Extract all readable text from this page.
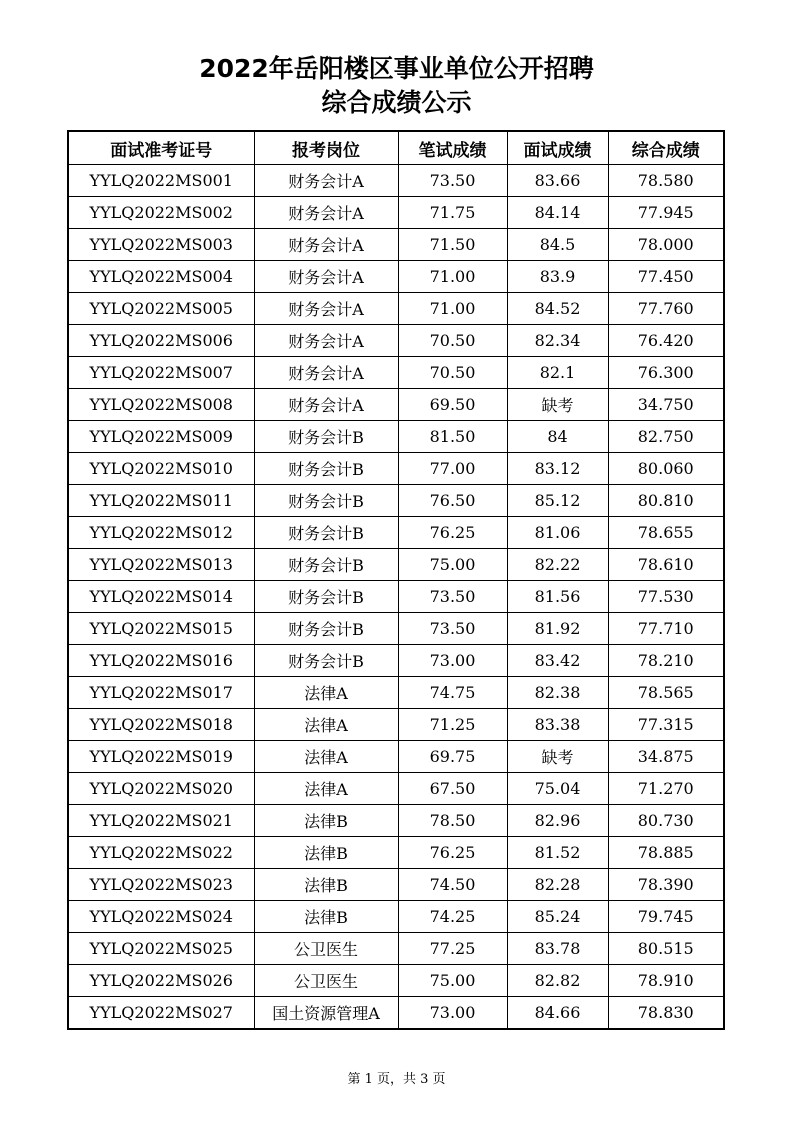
2022年岳阳楼区事业单位公开招聘
综合成绩公示
面试准考证号	报考岗位	笔试成绩	面试成绩	综合成绩
YYLQ2022MS001	财务会计A	73.50	83.66	78.580
YYLQ2022MS002	财务会计A	71.75	84.14	77.945
YYLQ2022MS003	财务会计A	71.50	84.5	78.000
YYLQ2022MS004	财务会计A	71.00	83.9	77.450
YYLQ2022MS005	财务会计A	71.00	84.52	77.760
YYLQ2022MS006	财务会计A	70.50	82.34	76.420
YYLQ2022MS007	财务会计A	70.50	82.1	76.300
YYLQ2022MS008	财务会计A	69.50	缺考	34.750
YYLQ2022MS009	财务会计B	81.50	84	82.750
YYLQ2022MS010	财务会计B	77.00	83.12	80.060
YYLQ2022MS011	财务会计B	76.50	85.12	80.810
YYLQ2022MS012	财务会计B	76.25	81.06	78.655
YYLQ2022MS013	财务会计B	75.00	82.22	78.610
YYLQ2022MS014	财务会计B	73.50	81.56	77.530
YYLQ2022MS015	财务会计B	73.50	81.92	77.710
YYLQ2022MS016	财务会计B	73.00	83.42	78.210
YYLQ2022MS017	法律A	74.75	82.38	78.565
YYLQ2022MS018	法律A	71.25	83.38	77.315
YYLQ2022MS019	法律A	69.75	缺考	34.875
YYLQ2022MS020	法律A	67.50	75.04	71.270
YYLQ2022MS021	法律B	78.50	82.96	80.730
YYLQ2022MS022	法律B	76.25	81.52	78.885
YYLQ2022MS023	法律B	74.50	82.28	78.390
YYLQ2022MS024	法律B	74.25	85.24	79.745
YYLQ2022MS025	公卫医生	77.25	83.78	80.515
YYLQ2022MS026	公卫医生	75.00	82.82	78.910
YYLQ2022MS027	国土资源管理A	73.00	84.66	78.830
第 1 页，共 3 页
